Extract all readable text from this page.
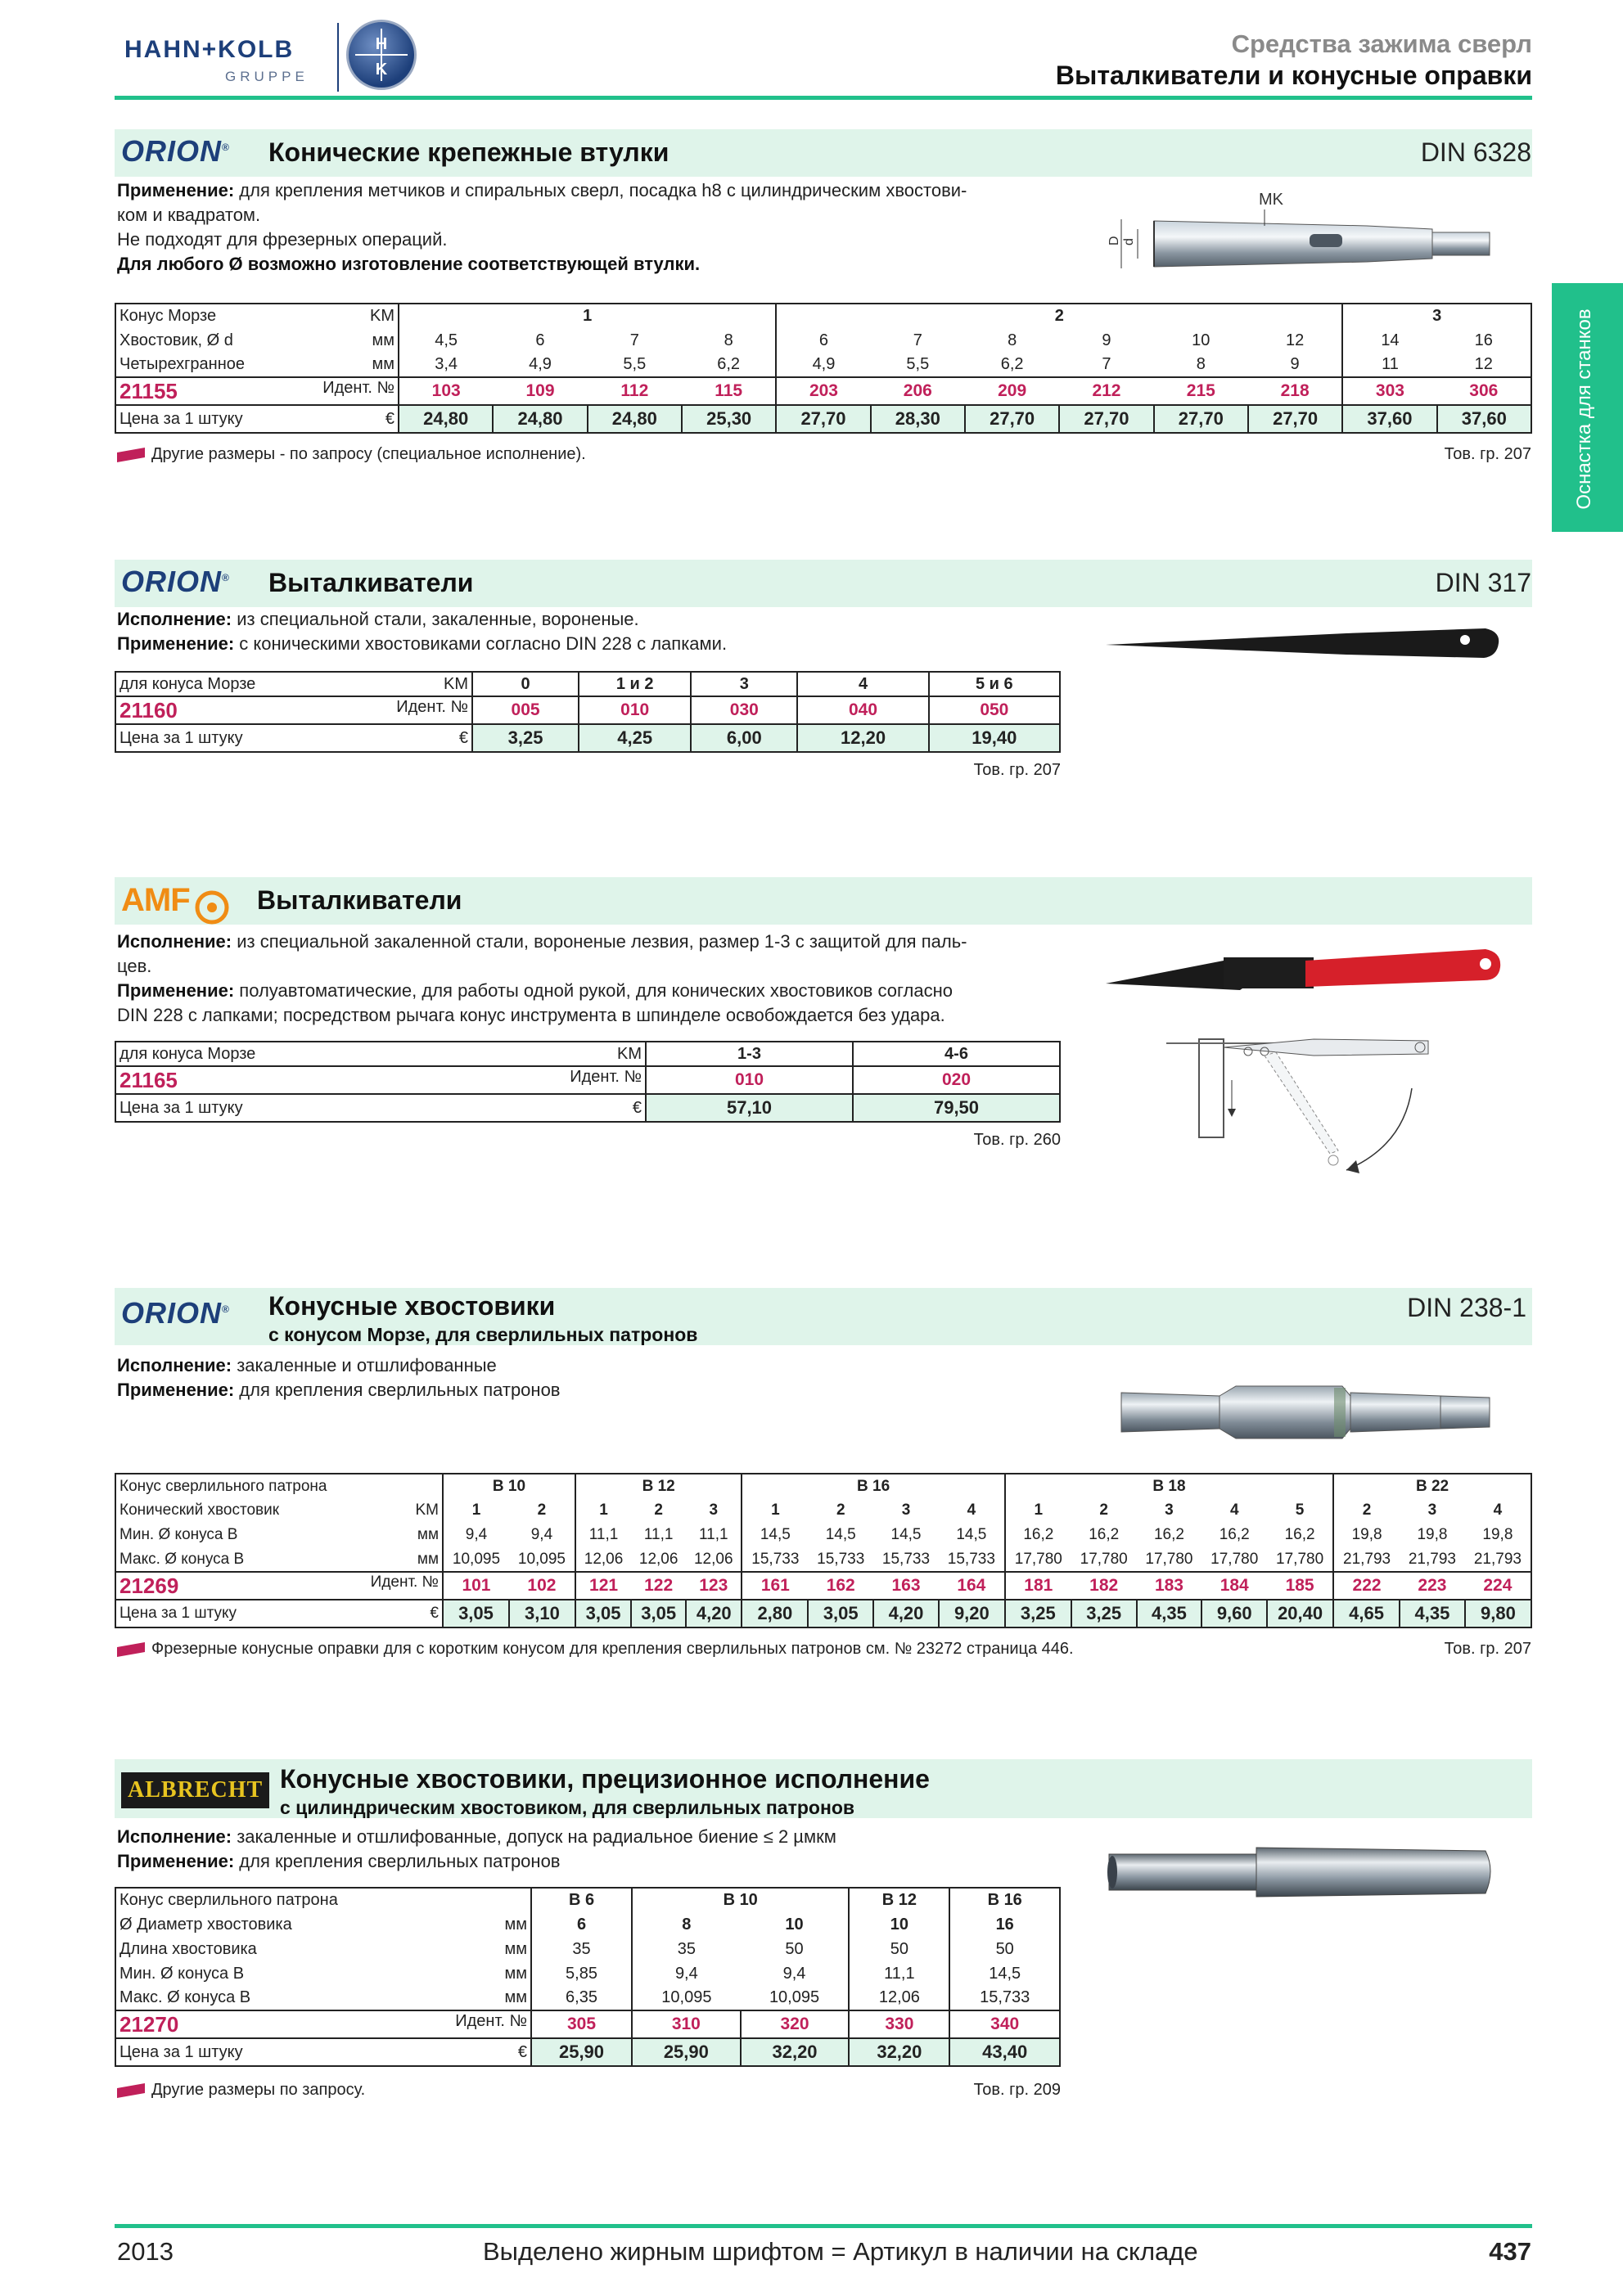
HAHN+KOLB
GRUPPE
H
K
Средства зажима сверл
Выталкиватели и конусные оправки
Оснастка для станков
ORION® Конические крепежные втулки	DIN 6328
Применение: для крепления метчиков и спиральных сверл, посадка h8 с цилиндрическим хвостови-
ком и квадратом.
Не подходят для фрезерных операций.
Для любого Ø возможно изготовление соответствующей втулки.
D d
MK
Конус Морзе KM	1				2						3	
Хвостовик, Ø d мм	4,5	6	7	8	6	7	8	9	10	12	14	16
Четырехгранное мм	3,4	4,9	5,5	6,2	4,9	5,5	6,2	7	8	9	11	12
21155 Идент. №	103	109	112	115	203	206	209	212	215	218	303	306
Цена за 1 штуку €	24,80	24,80	24,80	25,30	27,70	28,30	27,70	27,70	27,70	27,70	37,60	37,60
Другие размеры - по запросу (специальное исполнение).	Тов. гр. 207
ORION® Выталкиватели	DIN 317
Исполнение: из специальной стали, закаленные, вороненые.
Применение: с коническими хвостовиками согласно DIN 228 с лапками.
для конуса Морзе KM	0	1 и 2	3	4	5 и 6
21160 Идент. №	005	010	030	040	050
Цена за 1 штуку €	3,25	4,25	6,00	12,20	19,40
Тов. гр. 207
AMF	Выталкиватели
Исполнение: из специальной закаленной стали, вороненые лезвия, размер 1-3 с защитой для паль-
цев.
Применение: полуавтоматические, для работы одной рукой, для конических хвостовиков согласно
DIN 228 с лапками; посредством рычага конус инструмента в шпинделе освобождается без удара.
для конуса Морзе KM	1-3	4-6
21165 Идент. №	010	020
Цена за 1 штуку €	57,10	79,50
Тов. гр. 260
ORION® Конусные хвостовики
с конусом Морзе, для сверлильных патронов
DIN 238-1
Исполнение: закаленные и отшлифованные
Применение: для крепления сверлильных патронов
Конус сверлильного патрона	B 10		B 12			B 16				B 18					B 22		
Конический хвостовик KM	1	2	1	2	3	1	2	3	4	1	2	3	4	5	2	3	4
Мин. Ø конуса B мм	9,4	9,4	11,1	11,1	11,1	14,5	14,5	14,5	14,5	16,2	16,2	16,2	16,2	16,2	19,8	19,8	19,8
Макс. Ø конуса B мм	10,095	10,095	12,06	12,06	12,06	15,733	15,733	15,733	15,733	17,780	17,780	17,780	17,780	17,780	21,793	21,793	21,793
21269 Идент. №	101	102	121	122	123	161	162	163	164	181	182	183	184	185	222	223	224
Цена за 1 штуку €	3,05	3,10	3,05	3,05	4,20	2,80	3,05	4,20	9,20	3,25	3,25	4,35	9,60	20,40	4,65	4,35	9,80
Фрезерные конусные оправки для с коротким конусом для крепления сверлильных патронов см. № 23272 страница 446.	Тов. гр. 207
ALBRECHT Конусные хвостовики, прецизионное исполнение
с цилиндрическим хвостовиком, для сверлильных патронов
Исполнение: закаленные и отшлифованные, допуск на радиальное биение ≤ 2 µмкм
Применение: для крепления сверлильных патронов
Конус сверлильного патрона	B 6	B 10		B 12	B 16
Ø Диаметр хвостовика мм	6	8	10	10	16
Длина хвостовика мм	35	35	50	50	50
Мин. Ø конуса B мм	5,85	9,4	9,4	11,1	14,5
Макс. Ø конуса B мм	6,35	10,095	10,095	12,06	15,733
21270 Идент. №	305	310	320	330	340
Цена за 1 штуку €	25,90	25,90	32,20	32,20	43,40
Другие размеры по запросу.	Тов. гр. 209
2013	Выделено жирным шрифтом = Артикул в наличии на складе	437
